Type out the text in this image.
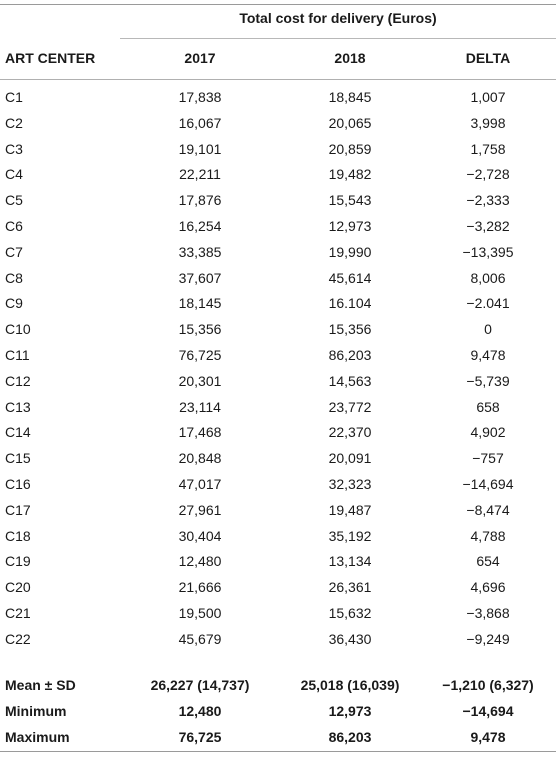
Total cost for delivery (Euros)
ART CENTER	2017	2018	DELTA
C1	17,838	18,845	1,007
C2	16,067	20,065	3,998
C3	19,101	20,859	1,758
C4	22,211	19,482	−2,728
C5	17,876	15,543	−2,333
C6	16,254	12,973	−3,282
C7	33,385	19,990	−13,395
C8	37,607	45,614	8,006
C9	18,145	16.104	−2.041
C10	15,356	15,356	0
C11	76,725	86,203	9,478
C12	20,301	14,563	−5,739
C13	23,114	23,772	658
C14	17,468	22,370	4,902
C15	20,848	20,091	−757
C16	47,017	32,323	−14,694
C17	27,961	19,487	−8,474
C18	30,404	35,192	4,788
C19	12,480	13,134	654
C20	21,666	26,361	4,696
C21	19,500	15,632	−3,868
C22	45,679	36,430	−9,249
Mean ± SD	26,227 (14,737)	25,018 (16,039)	−1,210 (6,327)
Minimum	12,480	12,973	−14,694
Maximum	76,725	86,203	9,478
